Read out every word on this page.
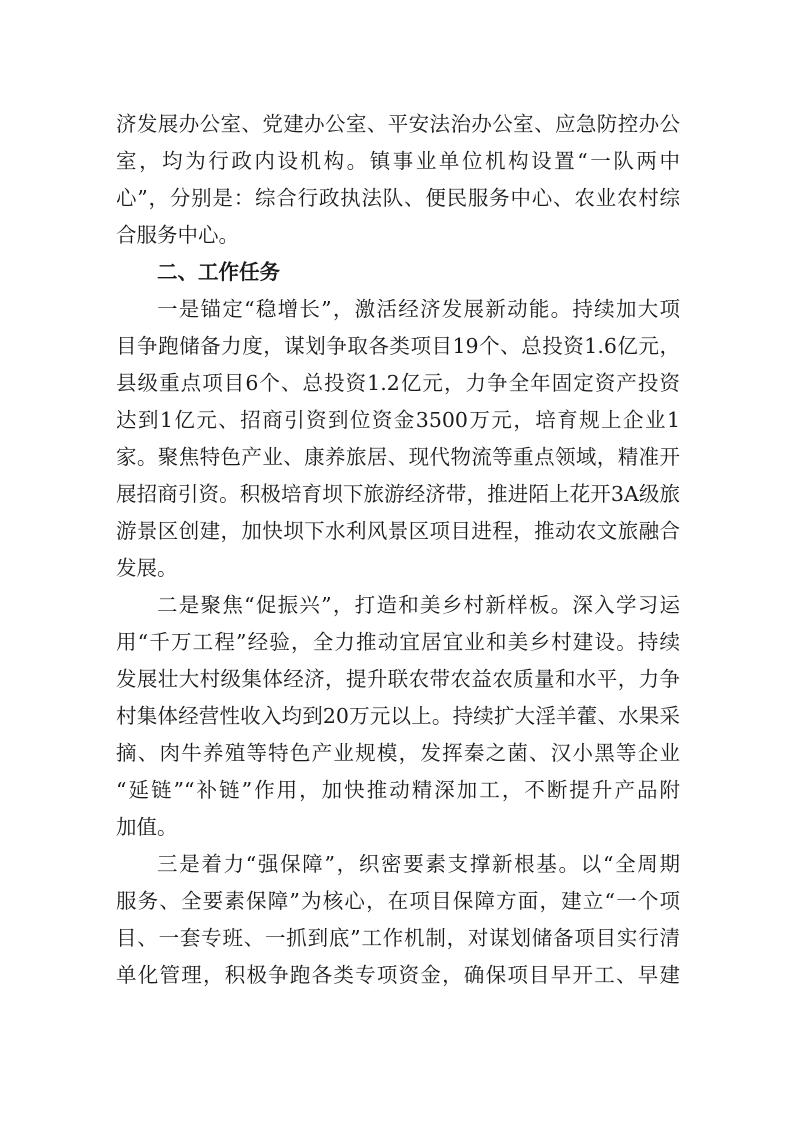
济发展办公室、党建办公室、平安法治办公室、应急防控办公
室，均为行政内设机构。镇事业单位机构设置“一队两中
心”，分别是：综合行政执法队、便民服务中心、农业农村综
合服务中心。
二、工作任务
一是锚定“稳增长”，激活经济发展新动能。持续加大项
目争跑储备力度，谋划争取各类项目19个、总投资1.6亿元，
县级重点项目6个、总投资1.2亿元，力争全年固定资产投资
达到1亿元、招商引资到位资金3500万元，培育规上企业1
家。聚焦特色产业、康养旅居、现代物流等重点领域，精准开
展招商引资。积极培育坝下旅游经济带，推进陌上花开3A级旅
游景区创建，加快坝下水利风景区项目进程，推动农文旅融合
发展。
二是聚焦“促振兴”，打造和美乡村新样板。深入学习运
用“千万工程”经验，全力推动宜居宜业和美乡村建设。持续
发展壮大村级集体经济，提升联农带农益农质量和水平，力争
村集体经营性收入均到20万元以上。持续扩大淫羊藿、水果采
摘、肉牛养殖等特色产业规模，发挥秦之菌、汉小黑等企业
“延链”“补链”作用，加快推动精深加工，不断提升产品附
加值。
三是着力“强保障”，织密要素支撑新根基。以“全周期
服务、全要素保障”为核心，在项目保障方面，建立“一个项
目、一套专班、一抓到底”工作机制，对谋划储备项目实行清
单化管理，积极争跑各类专项资金，确保项目早开工、早建
